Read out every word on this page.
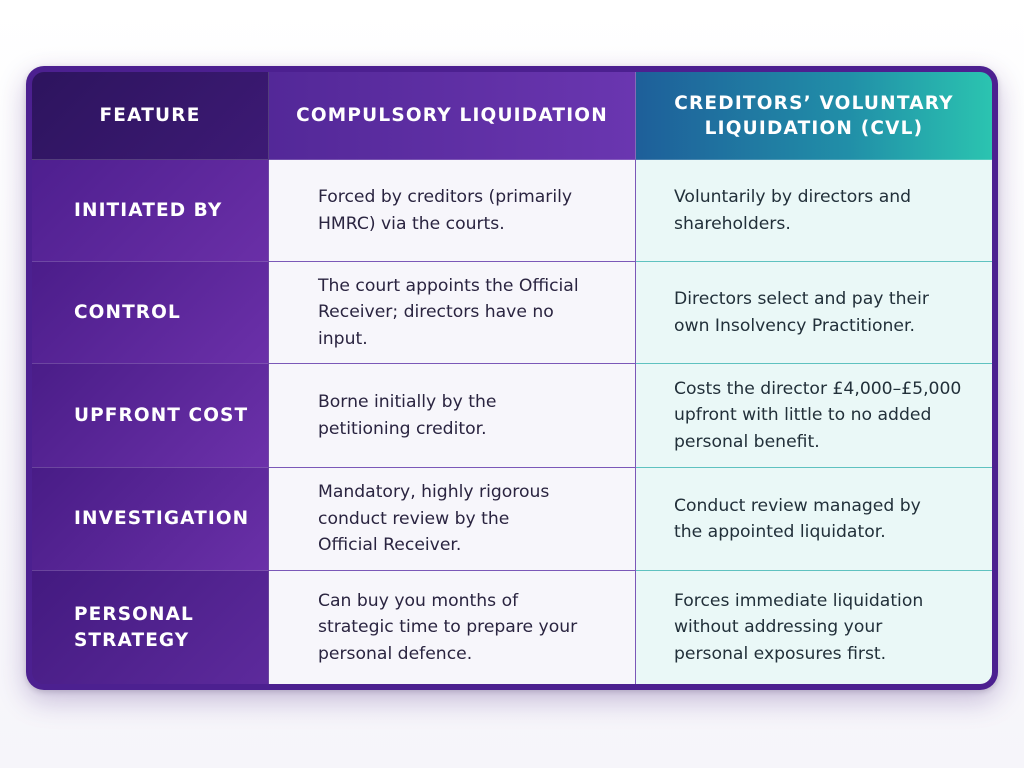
FEATURE	COMPULSORY LIQUIDATION
CREDITORS’ VOLUNTARY LIQUIDATION (CVL)
INITIATED BY
Forced by creditors (primarily HMRC) via the courts.
Voluntarily by directors and shareholders.
CONTROL
The court appoints the Official Receiver; directors have no input.
Directors select and pay their own Insolvency Practitioner.
UPFRONT COST
Borne initially by the petitioning creditor.
Costs the director £4,000–£5,000 upfront with little to no added personal benefit.
INVESTIGATION
Mandatory, highly rigorous conduct review by the Official Receiver.
Conduct review managed by the appointed liquidator.
PERSONAL STRATEGY
Can buy you months of strategic time to prepare your personal defence.
Forces immediate liquidation without addressing your personal exposures first.
